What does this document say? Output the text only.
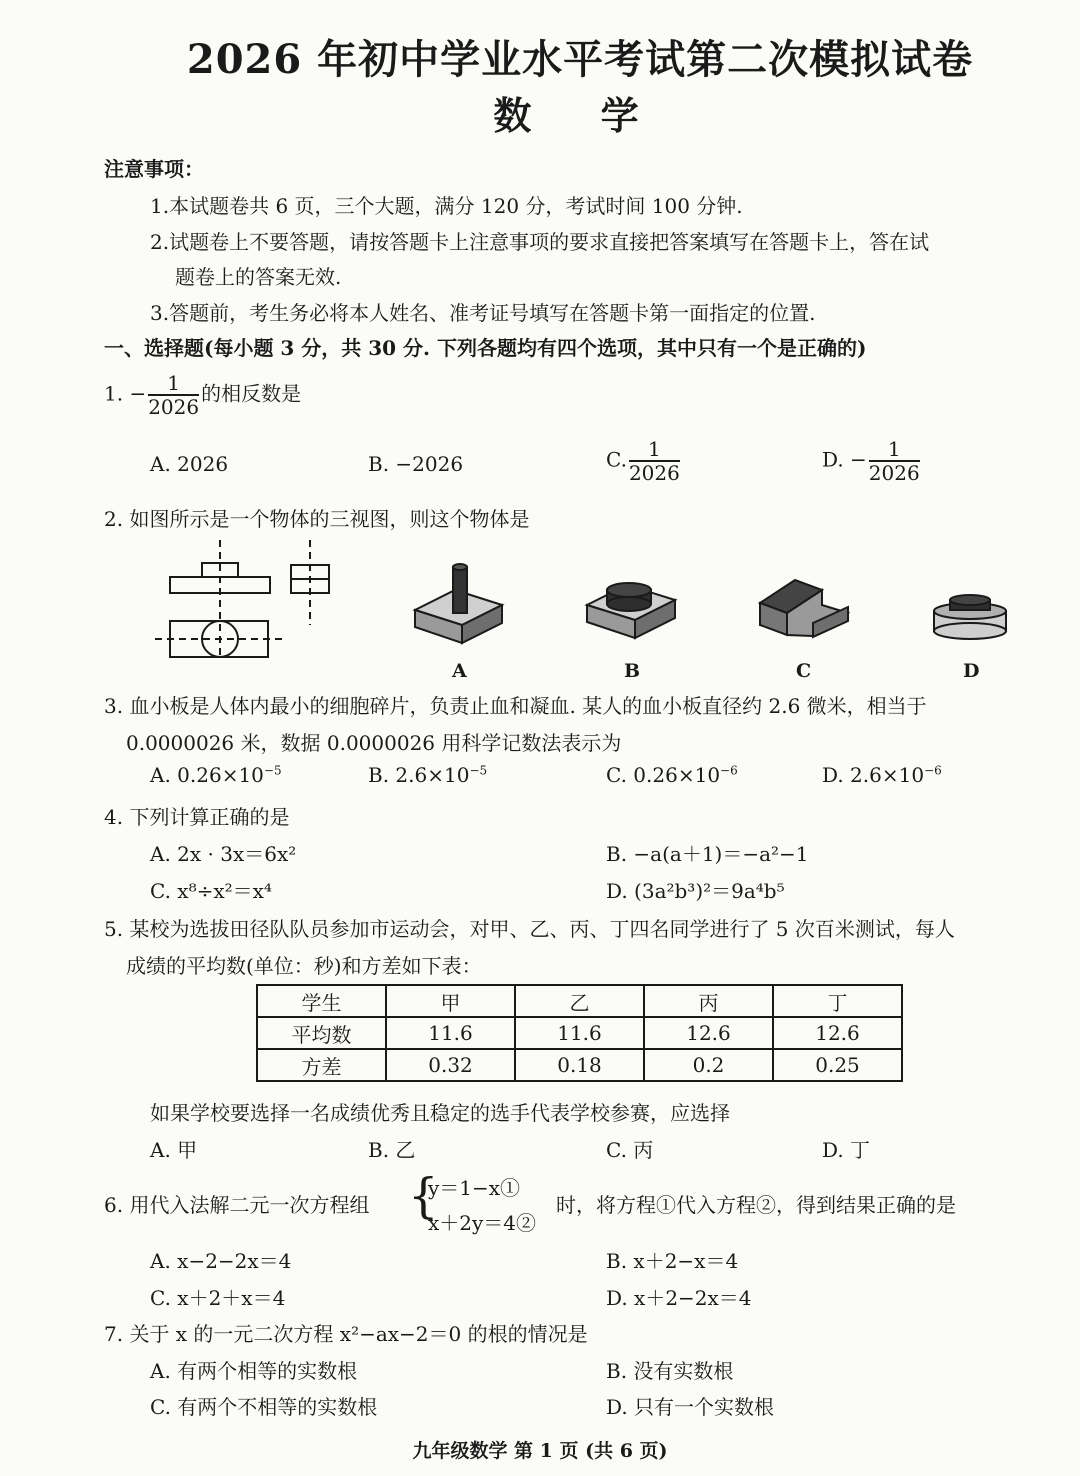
2026 年初中学业水平考试第二次模拟试卷
数 学
注意事项：
1.本试题卷共 6 页，三个大题，满分 120 分，考试时间 100 分钟.
2.试题卷上不要答题，请按答题卡上注意事项的要求直接把答案填写在答题卡上，答在试
题卷上的答案无效.
3.答题前，考生务必将本人姓名、准考证号填写在答题卡第一面指定的位置.
一、选择题(每小题 3 分，共 30 分. 下列各题均有四个选项，其中只有一个是正确的)
1. − $\frac{1}{2026}$ 的相反数是
A. 2026	B. −2026	C. $\frac{1}{2026}$	D. − $\frac{1}{2026}$
2. 如图所示是一个物体的三视图，则这个物体是
A	B	C	D
3. 血小板是人体内最小的细胞碎片，负责止血和凝血. 某人的血小板直径约 2.6 微米，相当于
0.0000026 米，数据 0.0000026 用科学记数法表示为
A. $0.26\times 10^{-5}$	B. $2.6\times 10^{-5}$	C. $0.26\times 10^{-6}$	D. $2.6\times 10^{-6}$
4. 下列计算正确的是
A. 2x · 3x＝6x²	B. −a(a＋1)＝−a²−1
C. x⁸÷x²＝x⁴	D. (3a²b³)²＝9a⁴b⁵
5. 某校为选拔田径队队员参加市运动会，对甲、乙、丙、丁四名同学进行了 5 次百米测试，每人
成绩的平均数(单位：秒)和方差如下表：
学生	甲	乙	丙	丁
平均数	11.6	11.6	12.6	12.6
方差	0.32	0.18	0.2	0.25
如果学校要选择一名成绩优秀且稳定的选手代表学校参赛，应选择
A. 甲	B. 乙	C. 丙	D. 丁
6. 用代入法解二元一次方程组 {
y＝1−x①
x＋2y＝4②
时，将方程①代入方程②，得到结果正确的是
A. x−2−2x＝4	B. x＋2−x＝4
C. x＋2＋x＝4	D. x＋2−2x＝4
7. 关于 x 的一元二次方程 x²−ax−2＝0 的根的情况是
A. 有两个相等的实数根	B. 没有实数根
C. 有两个不相等的实数根	D. 只有一个实数根
九年级数学 第 1 页 (共 6 页)
